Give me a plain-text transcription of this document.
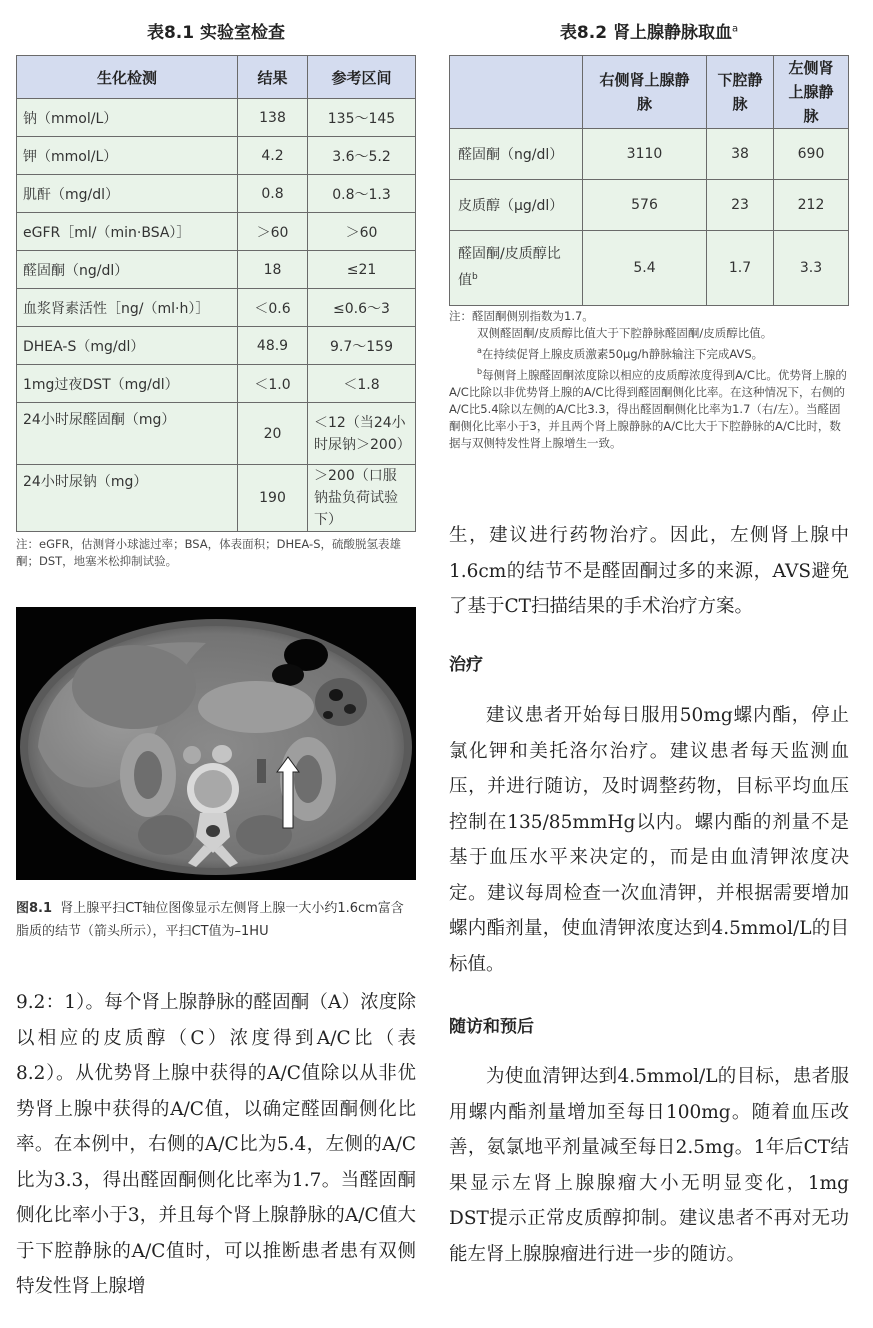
表8.1 实验室检查
生化检测	结果	参考区间
钠（mmol/L）	138	135～145
钾（mmol/L）	4.2	3.6～5.2
肌酐（mg/dl）	0.8	0.8～1.3
eGFR［ml/（min·BSA）］	＞60	＞60
醛固酮（ng/dl）	18	≤21
血浆肾素活性［ng/（ml·h）］	＜0.6	≤0.6～3
DHEA-S（mg/dl）	48.9	9.7～159
1mg过夜DST（mg/dl）	＜1.0	＜1.8
24小时尿醛固酮（mg）	20	＜12（当24小时尿钠＞200）
24小时尿钠（mg）	190	＞200（口服钠盐负荷试验下）
注：eGFR，估测肾小球滤过率；BSA，体表面积；DHEA-S，硫酸脱氢表雄酮；DST，地塞米松抑制试验。
图8.1 肾上腺平扫CT轴位图像显示左侧肾上腺一大小约1.6cm富含脂质的结节（箭头所示），平扫CT值为–1HU
9.2：1）。每个肾上腺静脉的醛固酮（A）浓度除以相应的皮质醇（C）浓度得到A/C比（表8.2）。从优势肾上腺中获得的A/C值除以从非优势肾上腺中获得的A/C值，以确定醛固酮侧化比率。在本例中，右侧的A/C比为5.4，左侧的A/C比为3.3，得出醛固酮侧化比率为1.7。当醛固酮侧化比率小于3，并且每个肾上腺静脉的A/C值大于下腔静脉的A/C值时，可以推断患者患有双侧特发性肾上腺增
表8.2 肾上腺静脉取血$^a$
	右侧肾上腺静脉	下腔静脉	左侧肾上腺静脉
醛固酮（ng/dl）	3110	38	690
皮质醇（μg/dl）	576	23	212
醛固酮/皮质醇比值$^b$	5.4	1.7	3.3
注：醛固酮侧别指数为1.7。
双侧醛固酮/皮质醇比值大于下腔静脉醛固酮/皮质醇比值。
$^a$在持续促肾上腺皮质激素50μg/h静脉输注下完成AVS。
$^b$每侧肾上腺醛固酮浓度除以相应的皮质醇浓度得到A/C比。优势肾上腺的A/C比除以非优势肾上腺的A/C比得到醛固酮侧化比率。在这种情况下，右侧的A/C比5.4除以左侧的A/C比3.3，得出醛固酮侧化比率为1.7（右/左）。当醛固酮侧化比率小于3，并且两个肾上腺静脉的A/C比大于下腔静脉的A/C比时，数据与双侧特发性肾上腺增生一致。
生，建议进行药物治疗。因此，左侧肾上腺中1.6cm的结节不是醛固酮过多的来源，AVS避免了基于CT扫描结果的手术治疗方案。
治疗
建议患者开始每日服用50mg螺内酯，停止氯化钾和美托洛尔治疗。建议患者每天监测血压，并进行随访，及时调整药物，目标平均血压控制在135/85mmHg以内。螺内酯的剂量不是基于血压水平来决定的，而是由血清钾浓度决定。建议每周检查一次血清钾，并根据需要增加螺内酯剂量，使血清钾浓度达到4.5mmol/L的目标值。
随访和预后
为使血清钾达到4.5mmol/L的目标，患者服用螺内酯剂量增加至每日100mg。随着血压改善，氨氯地平剂量减至每日2.5mg。1年后CT结果显示左肾上腺腺瘤大小无明显变化，1mg DST提示正常皮质醇抑制。建议患者不再对无功能左肾上腺腺瘤进行进一步的随访。
